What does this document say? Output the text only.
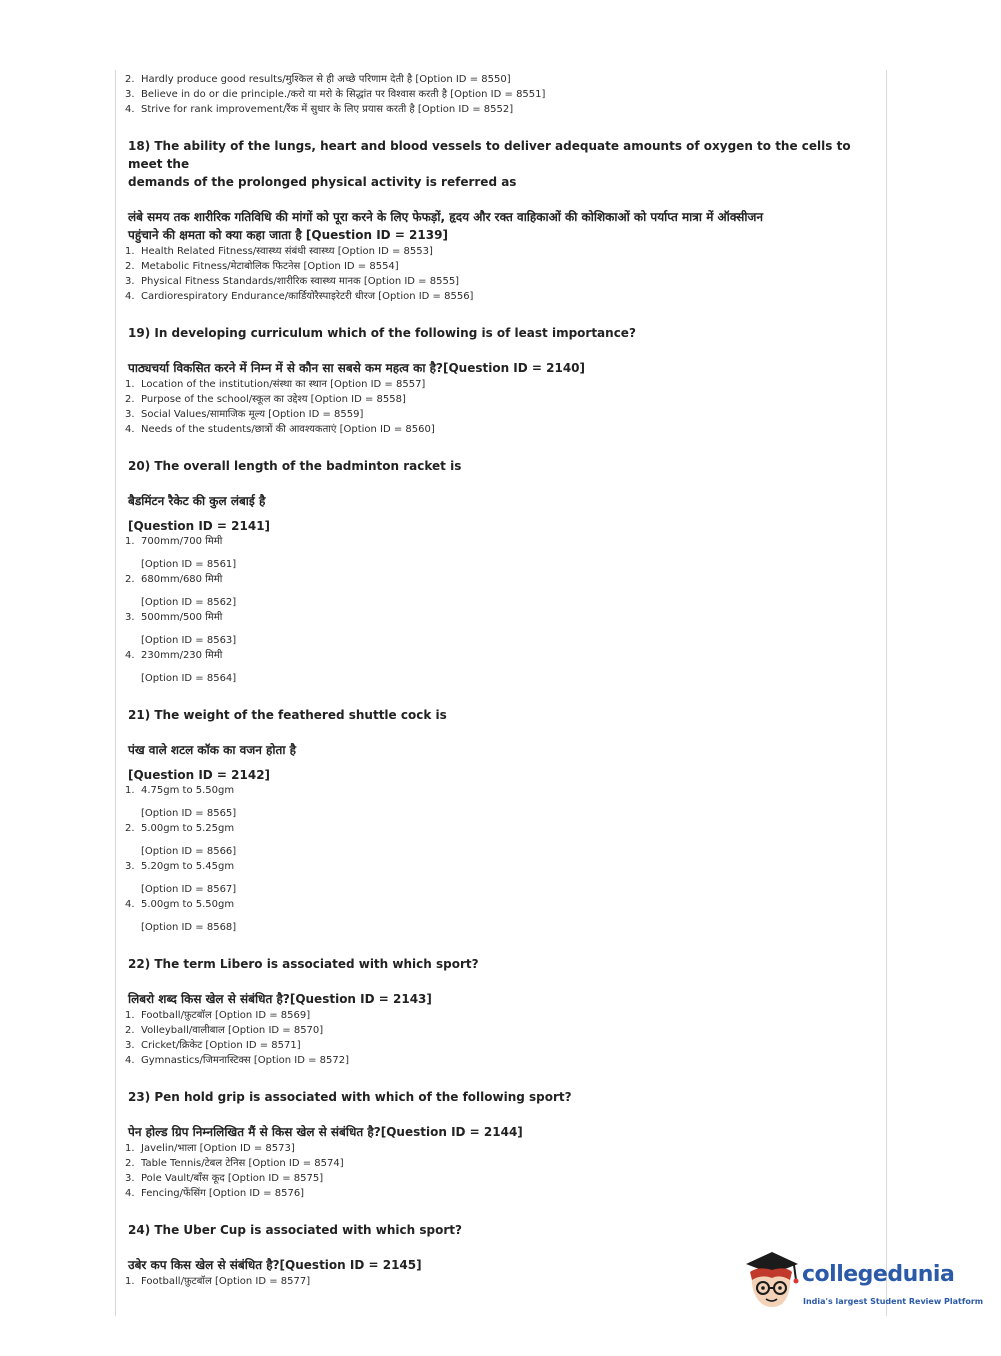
2. Hardly produce good results/मुश्किल से ही अच्छे परिणाम देती है [Option ID = 8550]
3. Believe in do or die principle./करो या मरो के सिद्धांत पर विश्वास करती है [Option ID = 8551]
4. Strive for rank improvement/रैंक में सुधार के लिए प्रयास करती है [Option ID = 8552]
18) The ability of the lungs, heart and blood vessels to deliver adequate amounts of oxygen to the cells to meet the
demands of the prolonged physical activity is referred as
लंबे समय तक शारीरिक गतिविधि की मांगों को पूरा करने के लिए फेफड़ों, हृदय और रक्त वाहिकाओं की कोशिकाओं को पर्याप्त मात्रा में ऑक्सीजन
पहुंचाने की क्षमता को क्या कहा जाता है [Question ID = 2139]
1. Health Related Fitness/स्वास्थ्य संबंधी स्वास्थ्य [Option ID = 8553]
2. Metabolic Fitness/मेटाबोलिक फिटनेस [Option ID = 8554]
3. Physical Fitness Standards/शारीरिक स्वास्थ्य मानक [Option ID = 8555]
4. Cardiorespiratory Endurance/कार्डियोरैस्पाइरेटरी धीरज [Option ID = 8556]
19) In developing curriculum which of the following is of least importance?
पाठ्यचर्या विकसित करने में निम्न में से कौन सा सबसे कम महत्व का है?[Question ID = 2140]
1. Location of the institution/संस्था का स्थान [Option ID = 8557]
2. Purpose of the school/स्कूल का उद्देश्य [Option ID = 8558]
3. Social Values/सामाजिक मूल्य [Option ID = 8559]
4. Needs of the students/छात्रों की आवश्यकताएं [Option ID = 8560]
20) The overall length of the badminton racket is
बैडमिंटन रैकेट की कुल लंबाई है
[Question ID = 2141]
1. 700mm/700 मिमी
[Option ID = 8561]
2. 680mm/680 मिमी
[Option ID = 8562]
3. 500mm/500 मिमी
[Option ID = 8563]
4. 230mm/230 मिमी
[Option ID = 8564]
21) The weight of the feathered shuttle cock is
पंख वाले शटल कॉक का वजन होता है
[Question ID = 2142]
1. 4.75gm to 5.50gm
[Option ID = 8565]
2. 5.00gm to 5.25gm
[Option ID = 8566]
3. 5.20gm to 5.45gm
[Option ID = 8567]
4. 5.00gm to 5.50gm
[Option ID = 8568]
22) The term Libero is associated with which sport?
लिबरो शब्द किस खेल से संबंधित है?[Question ID = 2143]
1. Football/फ़ुटबॉल [Option ID = 8569]
2. Volleyball/वालीबाल [Option ID = 8570]
3. Cricket/क्रिकेट [Option ID = 8571]
4. Gymnastics/जिमनास्टिक्स [Option ID = 8572]
23) Pen hold grip is associated with which of the following sport?
पेन होल्ड ग्रिप निम्नलिखित मैं से किस खेल से संबंधित है?[Question ID = 2144]
1. Javelin/भाला [Option ID = 8573]
2. Table Tennis/टेबल टेनिस [Option ID = 8574]
3. Pole Vault/बाँस कूद [Option ID = 8575]
4. Fencing/फेंसिंग [Option ID = 8576]
24) The Uber Cup is associated with which sport?
उबेर कप किस खेल से संबंधित है?[Question ID = 2145]
1. Football/फ़ुटबॉल [Option ID = 8577]	collegedunia
India's largest Student Review Platform
